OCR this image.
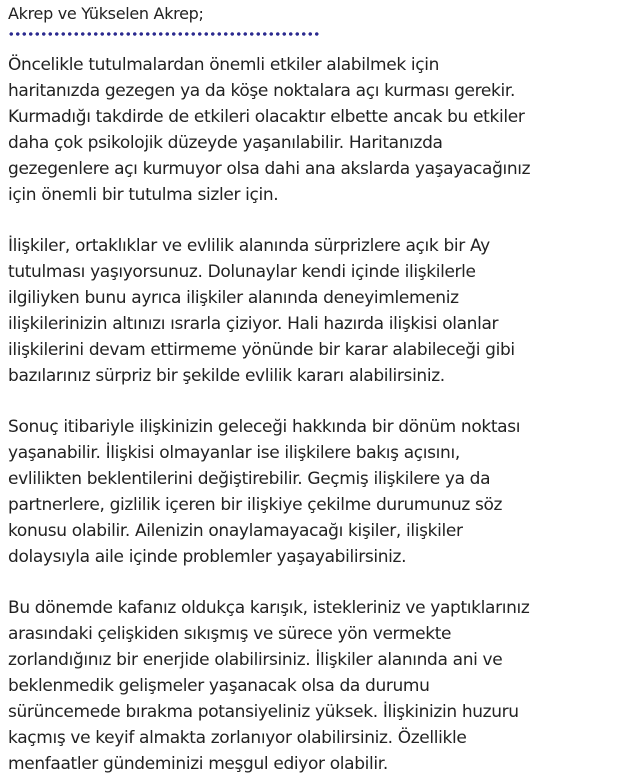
Akrep ve Yükselen Akrep;

Öncelikle tutulmalardan önemli etkiler alabilmek için
haritanızda gezegen ya da köşe noktalara açı kurması gerekir.
Kurmadığı takdirde de etkileri olacaktır elbette ancak bu etkiler
daha çok psikolojik düzeyde yaşanılabilir. Haritanızda
gezegenlere açı kurmuyor olsa dahi ana akslarda yaşayacağınız
için önemli bir tutulma sizler için.

İlişkiler, ortaklıklar ve evlilik alanında sürprizlere açık bir Ay
tutulması yaşıyorsunuz. Dolunaylar kendi içinde ilişkilerle
ilgiliyken bunu ayrıca ilişkiler alanında deneyimlemeniz
ilişkilerinizin altınızı ısrarla çiziyor. Hali hazırda ilişkisi olanlar
ilişkilerini devam ettirmeme yönünde bir karar alabileceği gibi
bazılarınız sürpriz bir şekilde evlilik kararı alabilirsiniz.

Sonuç itibariyle ilişkinizin geleceği hakkında bir dönüm noktası
yaşanabilir. İlişkisi olmayanlar ise ilişkilere bakış açısını,
evlilikten beklentilerini değiştirebilir. Geçmiş ilişkilere ya da
partnerlere, gizlilik içeren bir ilişkiye çekilme durumunuz söz
konusu olabilir. Ailenizin onaylamayacağı kişiler, ilişkiler
dolaysıyla aile içinde problemler yaşayabilirsiniz.

Bu dönemde kafanız oldukça karışık, istekleriniz ve yaptıklarınız
arasındaki çelişkiden sıkışmış ve sürece yön vermekte
zorlandığınız bir enerjide olabilirsiniz. İlişkiler alanında ani ve
beklenmedik gelişmeler yaşanacak olsa da durumu
sürüncemede bırakma potansiyeliniz yüksek. İlişkinizin huzuru
kaçmış ve keyif almakta zorlanıyor olabilirsiniz. Özellikle
menfaatler gündeminizi meşgul ediyor olabilir.
